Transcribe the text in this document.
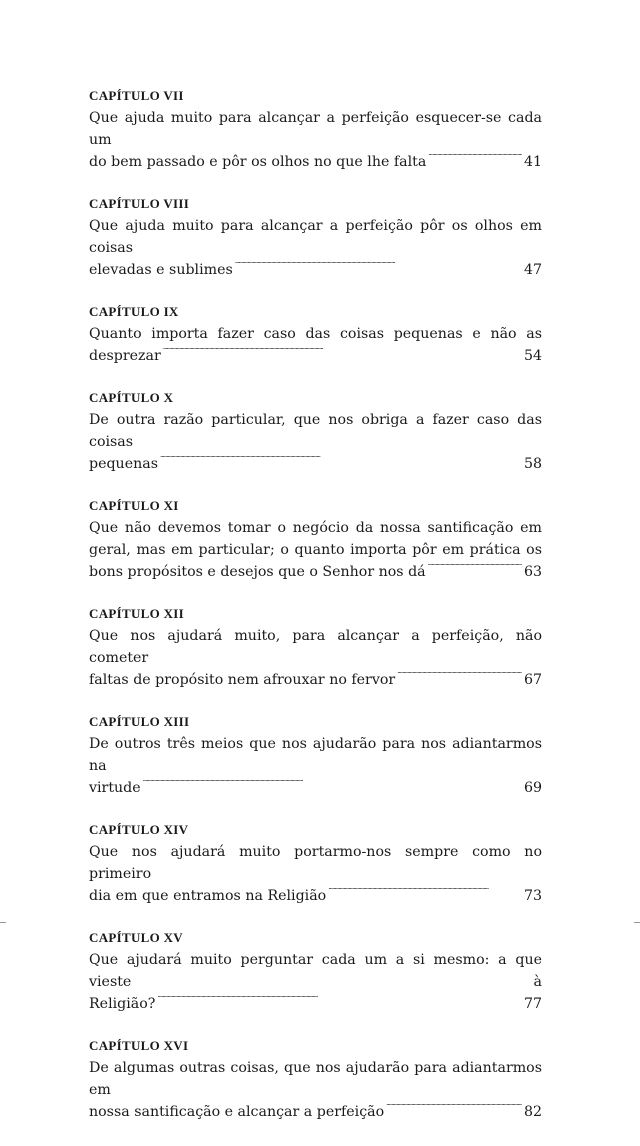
CAPÍTULO VII
Que ajuda muito para alcançar a perfeição esquecer-se cada um
do bem passado e pôr os olhos no que lhe falta . . .	41
CAPÍTULO VIII
Que ajuda muito para alcançar a perfeição pôr os olhos em coisas
elevadas e sublimes . . .	47
CAPÍTULO IX
Quanto importa fazer caso das coisas pequenas e não as
desprezar . . .	54
CAPÍTULO X
De outra razão particular, que nos obriga a fazer caso das coisas
pequenas . . .	58
CAPÍTULO XI
Que não devemos tomar o negócio da nossa santificação em
geral, mas em particular; o quanto importa pôr em prática os
bons propósitos e desejos que o Senhor nos dá . . .	63
CAPÍTULO XII
Que nos ajudará muito, para alcançar a perfeição, não cometer
faltas de propósito nem afrouxar no fervor . . .	67
CAPÍTULO XIII
De outros três meios que nos ajudarão para nos adiantarmos na
virtude . . .	69
CAPÍTULO XIV
Que nos ajudará muito portarmo-nos sempre como no primeiro
dia em que entramos na Religião . . .	73
CAPÍTULO XV
Que ajudará muito perguntar cada um a si mesmo: a que vieste à
Religião? . . .	77
CAPÍTULO XVI
De algumas outras coisas, que nos ajudarão para adiantarmos em
nossa santificação e alcançar a perfeição . . .	82
